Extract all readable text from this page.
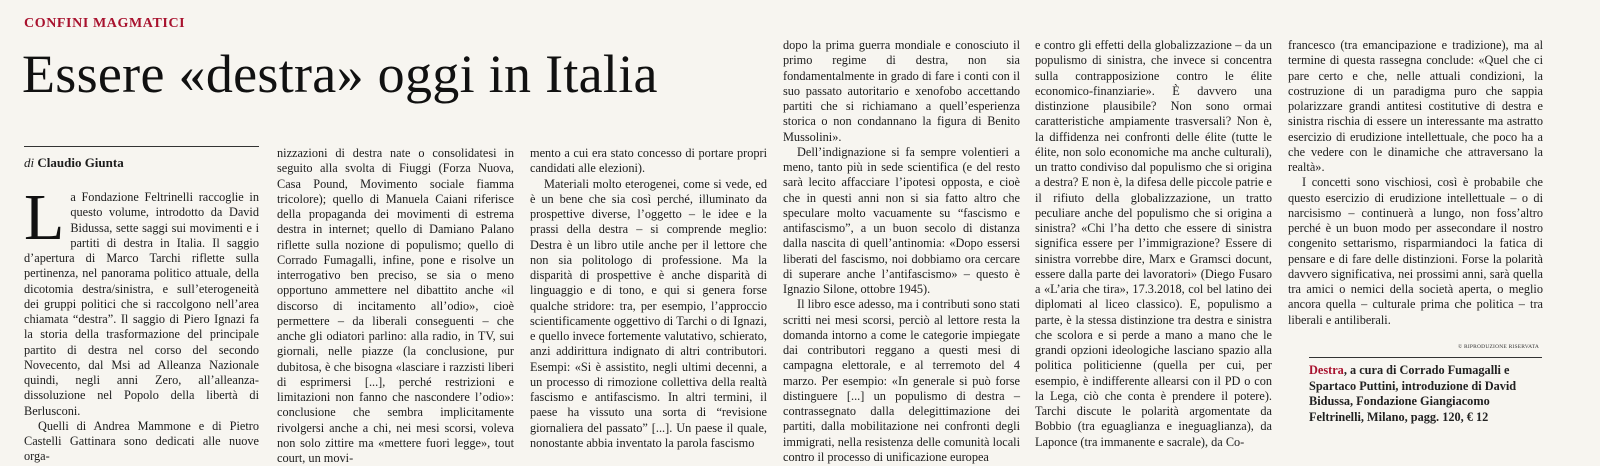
CONFINI MAGMATICI
Essere «destra» oggi in Italia
di Claudio Giunta

La Fondazione Feltrinelli raccoglie in questo volume, introdotto da David Bidussa, sette saggi sui movimenti e i partiti di destra in Italia. Il saggio d’apertura di Marco Tarchi riflette sulla pertinenza, nel panorama politico attuale, della dicotomia destra/sinistra, e sull’eterogeneità dei gruppi politici che si raccolgono nell’area chiamata “destra”. Il saggio di Piero Ignazi fa la storia della trasformazione del principale partito di destra nel corso del secondo Novecento, dal Msi ad Alleanza Nazionale quindi, negli anni Zero, all’alleanza-dissoluzione nel Popolo della libertà di Berlusconi.

Quelli di Andrea Mammone e di Pietro Castelli Gattinara sono dedicati alle nuove orga-

nizzazioni di destra nate o consolidatesi in seguito alla svolta di Fiuggi (Forza Nuova, Casa Pound, Movimento sociale fiamma tricolore); quello di Manuela Caiani riferisce della propaganda dei movimenti di estrema destra in internet; quello di Damiano Palano riflette sulla nozione di populismo; quello di Corrado Fumagalli, infine, pone e risolve un interrogativo ben preciso, se sia o meno opportuno ammettere nel dibattito anche «il discorso di incitamento all’odio», cioè permettere – da liberali conseguenti – che anche gli odiatori parlino: alla radio, in TV, sui giornali, nelle piazze (la conclusione, pur dubitosa, è che bisogna «lasciare i razzisti liberi di esprimersi [...], perché restrizioni e limitazioni non fanno che nascondere l’odio»: conclusione che sembra implicitamente rivolgersi anche a chi, nei mesi scorsi, voleva non solo zittire ma «mettere fuori legge», tout court, un movi-

mento a cui era stato concesso di portare propri candidati alle elezioni).

Materiali molto eterogenei, come si vede, ed è un bene che sia così perché, illuminato da prospettive diverse, l’oggetto – le idee e la prassi della destra – si comprende meglio: Destra è un libro utile anche per il lettore che non sia politologo di professione. Ma la disparità di prospettive è anche disparità di linguaggio e di tono, e qui si genera forse qualche stridore: tra, per esempio, l’approccio scientificamente oggettivo di Tarchi o di Ignazi, e quello invece fortemente valutativo, schierato, anzi addirittura indignato di altri contributori. Esempi: «Si è assistito, negli ultimi decenni, a un processo di rimozione collettiva della realtà fascismo e antifascismo. In altri termini, il paese ha vissuto una sorta di “revisione giornaliera del passato” [...]. Un paese il quale, nonostante abbia inventato la parola fascismo

dopo la prima guerra mondiale e conosciuto il primo regime di destra, non sia fondamentalmente in grado di fare i conti con il suo passato autoritario e xenofobo accettando partiti che si richiamano a quell’esperienza storica o non condannano la figura di Benito Mussolini».

Dell’indignazione si fa sempre volentieri a meno, tanto più in sede scientifica (e del resto sarà lecito affacciare l’ipotesi opposta, e cioè che in questi anni non si sia fatto altro che speculare molto vacuamente su “fascismo e antifascismo”, a un buon secolo di distanza dalla nascita di quell’antinomia: «Dopo essersi liberati del fascismo, noi dobbiamo ora cercare di superare anche l’antifascismo» – questo è Ignazio Silone, ottobre 1945).

Il libro esce adesso, ma i contributi sono stati scritti nei mesi scorsi, perciò al lettore resta la domanda intorno a come le categorie impiegate dai contributori reggano a questi mesi di campagna elettorale, e al terremoto del 4 marzo. Per esempio: «In generale si può forse distinguere [...] un populismo di destra – contrassegnato dalla delegittimazione dei partiti, dalla mobilitazione nei confronti degli immigrati, nella resistenza delle comunità locali contro il processo di unificazione europea

e contro gli effetti della globalizzazione – da un populismo di sinistra, che invece si concentra sulla contrapposizione contro le élite economico-finanziarie». È davvero una distinzione plausibile? Non sono ormai caratteristiche ampiamente trasversali? Non è, la diffidenza nei confronti delle élite (tutte le élite, non solo economiche ma anche culturali), un tratto condiviso dal populismo che si origina a destra? E non è, la difesa delle piccole patrie e il rifiuto della globalizzazione, un tratto peculiare anche del populismo che si origina a sinistra? «Chi l’ha detto che essere di sinistra significa essere per l’immigrazione? Essere di sinistra vorrebbe dire, Marx e Gramsci docunt, essere dalla parte dei lavoratori» (Diego Fusaro a «L’aria che tira», 17.3.2018, col bel latino dei diplomati al liceo classico). E, populismo a parte, è la stessa distinzione tra destra e sinistra che scolora e si perde a mano a mano che le grandi opzioni ideologiche lasciano spazio alla politica politicienne (quella per cui, per esempio, è indifferente allearsi con il PD o con la Lega, ciò che conta è prendere il potere). Tarchi discute le polarità argomentate da Bobbio (tra eguaglianza e ineguaglianza), da Laponce (tra immanente e sacrale), da Co-

francesco (tra emancipazione e tradizione), ma al termine di questa rassegna conclude: «Quel che ci pare certo e che, nelle attuali condizioni, la costruzione di un paradigma puro che sappia polarizzare grandi antitesi costitutive di destra e sinistra rischia di essere un interessante ma astratto esercizio di erudizione intellettuale, che poco ha a che vedere con le dinamiche che attraversano la realtà».

I concetti sono vischiosi, così è probabile che questo esercizio di erudizione intellettuale – o di narcisismo – continuerà a lungo, non foss’altro perché è un buon modo per assecondare il nostro congenito settarismo, risparmiandoci la fatica di pensare e di fare delle distinzioni. Forse la polarità davvero significativa, nei prossimi anni, sarà quella tra amici o nemici della società aperta, o meglio ancora quella – culturale prima che politica – tra liberali e antiliberali.

© RIPRODUZIONE RISERVATA
Destra, a cura di Corrado Fumagalli e Spartaco Puttini, introduzione di David Bidussa, Fondazione Giangiacomo Feltrinelli, Milano, pagg. 120, € 12
